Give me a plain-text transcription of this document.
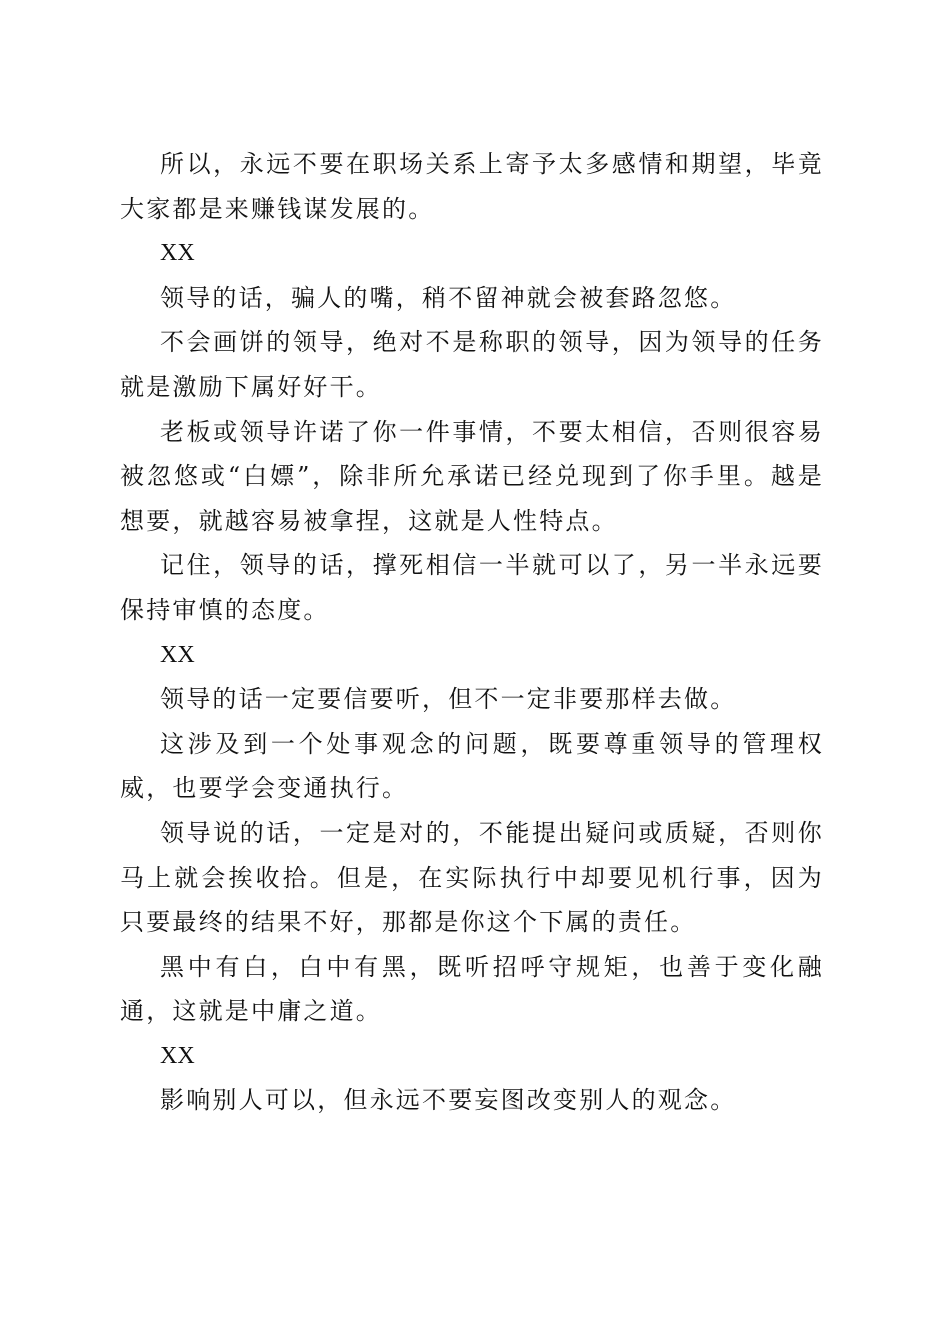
所以，永远不要在职场关系上寄予太多感情和期望，毕竟大家都是来赚钱谋发展的。

XX

领导的话，骗人的嘴，稍不留神就会被套路忽悠。

不会画饼的领导，绝对不是称职的领导，因为领导的任务就是激励下属好好干。

老板或领导许诺了你一件事情，不要太相信，否则很容易被忽悠或“白嫖”，除非所允承诺已经兑现到了你手里。越是想要，就越容易被拿捏，这就是人性特点。

记住，领导的话，撑死相信一半就可以了，另一半永远要保持审慎的态度。

XX

领导的话一定要信要听，但不一定非要那样去做。

这涉及到一个处事观念的问题，既要尊重领导的管理权威，也要学会变通执行。

领导说的话，一定是对的，不能提出疑问或质疑，否则你马上就会挨收拾。但是，在实际执行中却要见机行事，因为只要最终的结果不好，那都是你这个下属的责任。

黑中有白，白中有黑，既听招呼守规矩，也善于变化融通，这就是中庸之道。

XX

影响别人可以，但永远不要妄图改变别人的观念。
